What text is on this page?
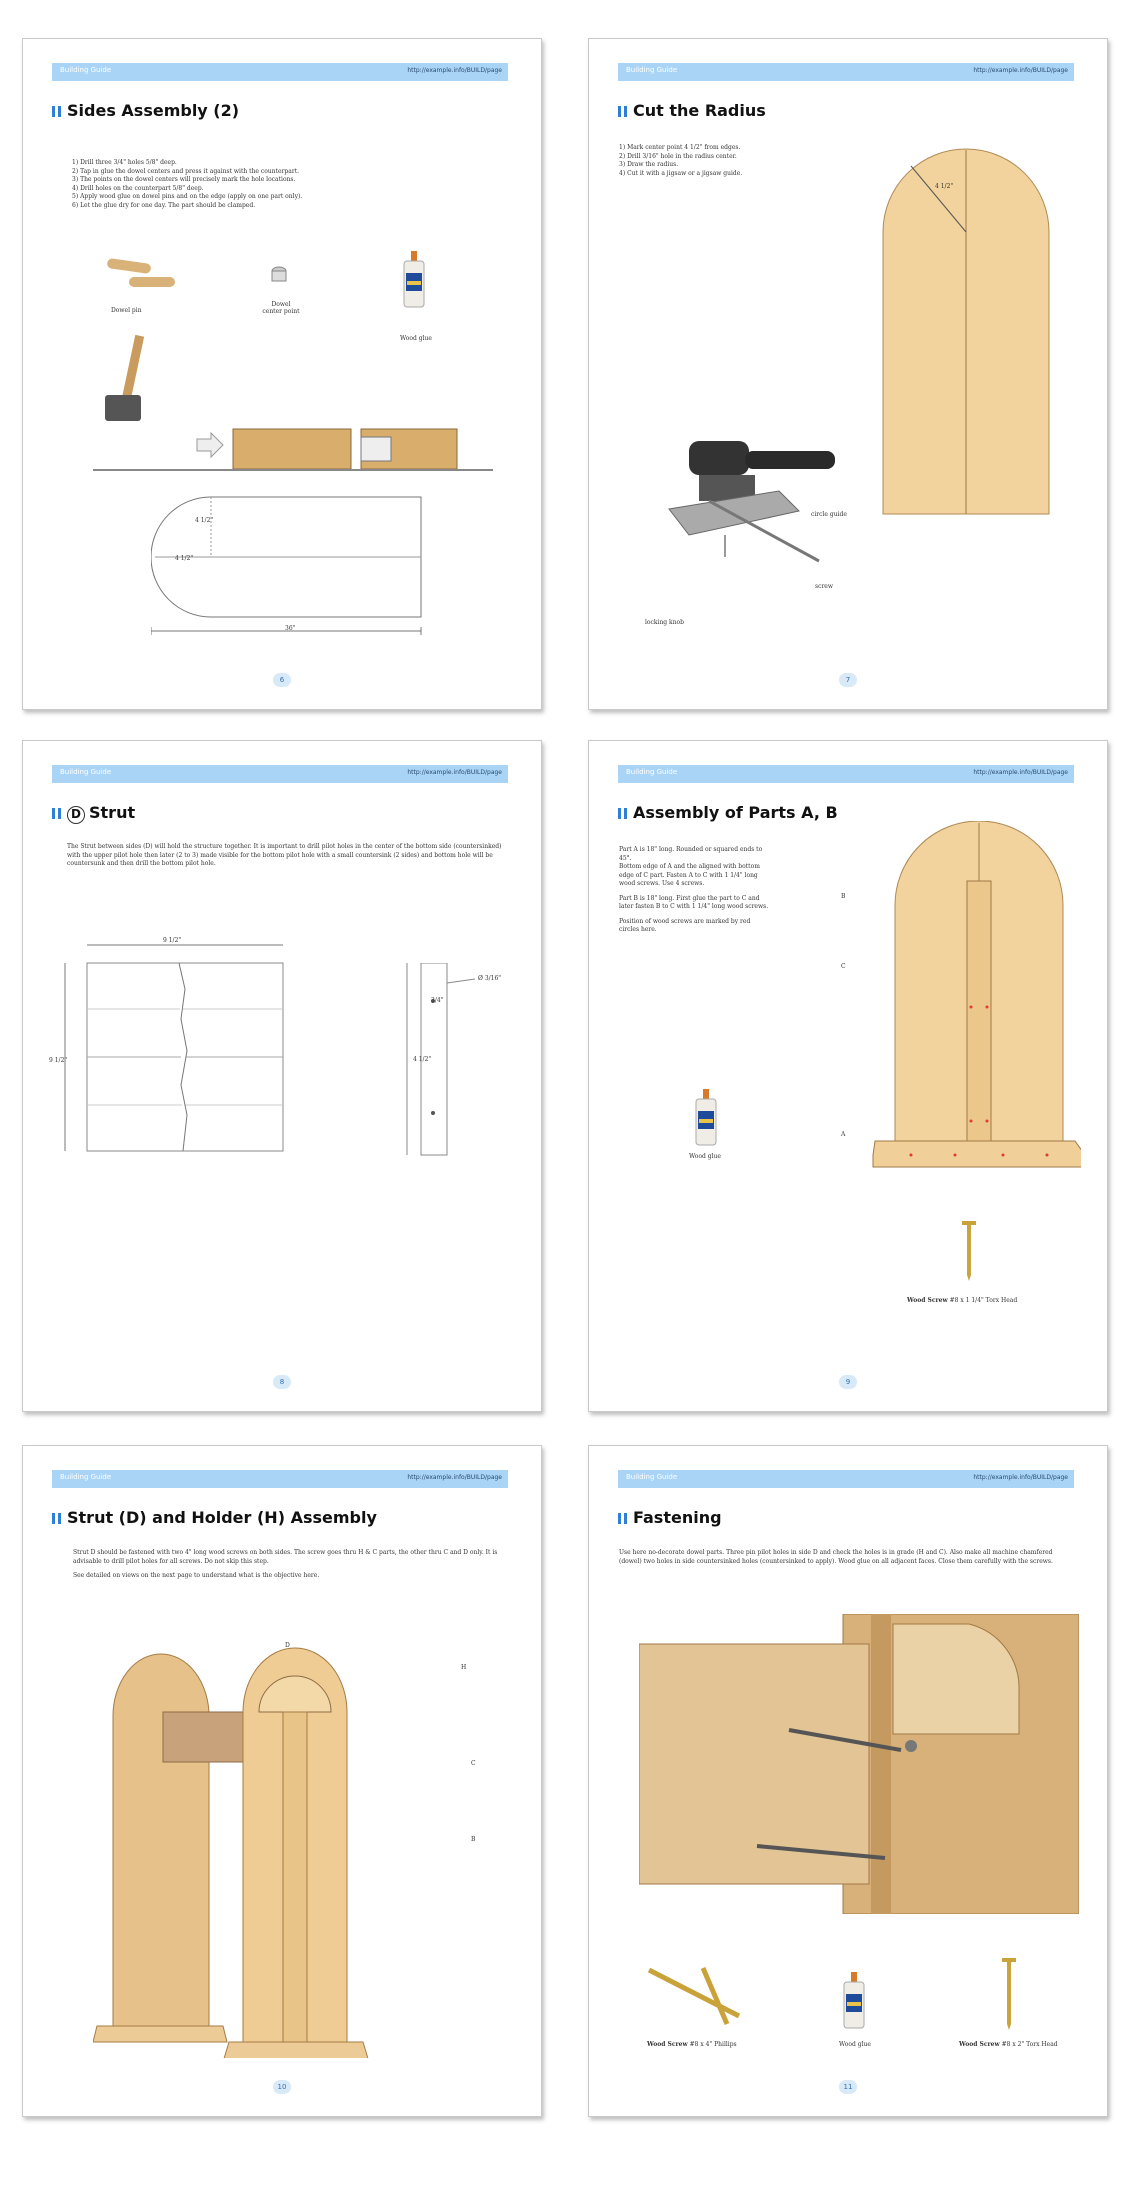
Building Guide	http://example.info/BUILD/page
Sides Assembly (2)
1) Drill three 3/4" holes 5/8" deep.
2) Tap in glue the dowel centers and press it against with the counterpart.
3) The points on the dowel centers will precisely mark the hole locations.
4) Drill holes on the counterpart 5/8" deep.
5) Apply wood glue on dowel pins and on the edge (apply on one part only).
6) Let the glue dry for one day. The part should be clamped.
Dowel pin
Dowel center point
Wood glue
4 1/2"
4 1/2"
36"
6
Building Guide	http://example.info/BUILD/page
Cut the Radius
1) Mark center point 4 1/2" from edges.
2) Drill 3/16" hole in the radius center.
3) Draw the radius.
4) Cut it with a jigsaw or a jigsaw guide.
4 1/2"
circle guide
screw
locking knob
7
Building Guide	http://example.info/BUILD/page
D Strut
The Strut between sides (D) will hold the structure together. It is important to drill pilot holes in the center of the bottom side (countersinked) with the upper pilot hole then later (2 to 3) made visible for the bottom pilot hole with a small countersink (2 sides) and bottom hole will be countersunk and then drill the bottom pilot hole.
9 1/2"
9 1/2"
Ø 3/16"
3/4"
4 1/2"
8
Building Guide	http://example.info/BUILD/page
Assembly of Parts A, B
Part A is 18" long. Rounded or squared ends to 45°.
Bottom edge of A and the aligned with bottom edge of C part. Fasten A to C with 1 1/4" long wood screws. Use 4 screws.
Part B is 18" long. First glue the part to C and later fasten B to C with 1 1/4" long wood screws.
Position of wood screws are marked by red circles here.
B
C
A
Wood glue
Wood Screw #8 x 1 1/4" Torx Head
9
Building Guide	http://example.info/BUILD/page
Strut (D) and Holder (H) Assembly
Strut D should be fastened with two 4" long wood screws on both sides. The screw goes thru H & C parts, the other thru C and D only. It is advisable to drill pilot holes for all screws. Do not skip this step.
See detailed on views on the next page to understand what is the objective here.
D
H
C
B
10
Building Guide	http://example.info/BUILD/page
Fastening
Use here no-decorate dowel parts. Three pin pilot holes in side D and check the holes is in grade (H and C). Also make all machine chamfered (dowel) two holes in side countersinked holes (countersinked to apply). Wood glue on all adjacent faces. Close them carefully with the screws.
Wood Screw #8 x 4" Phillips	Wood glue	Wood Screw #8 x 2" Torx Head
11
